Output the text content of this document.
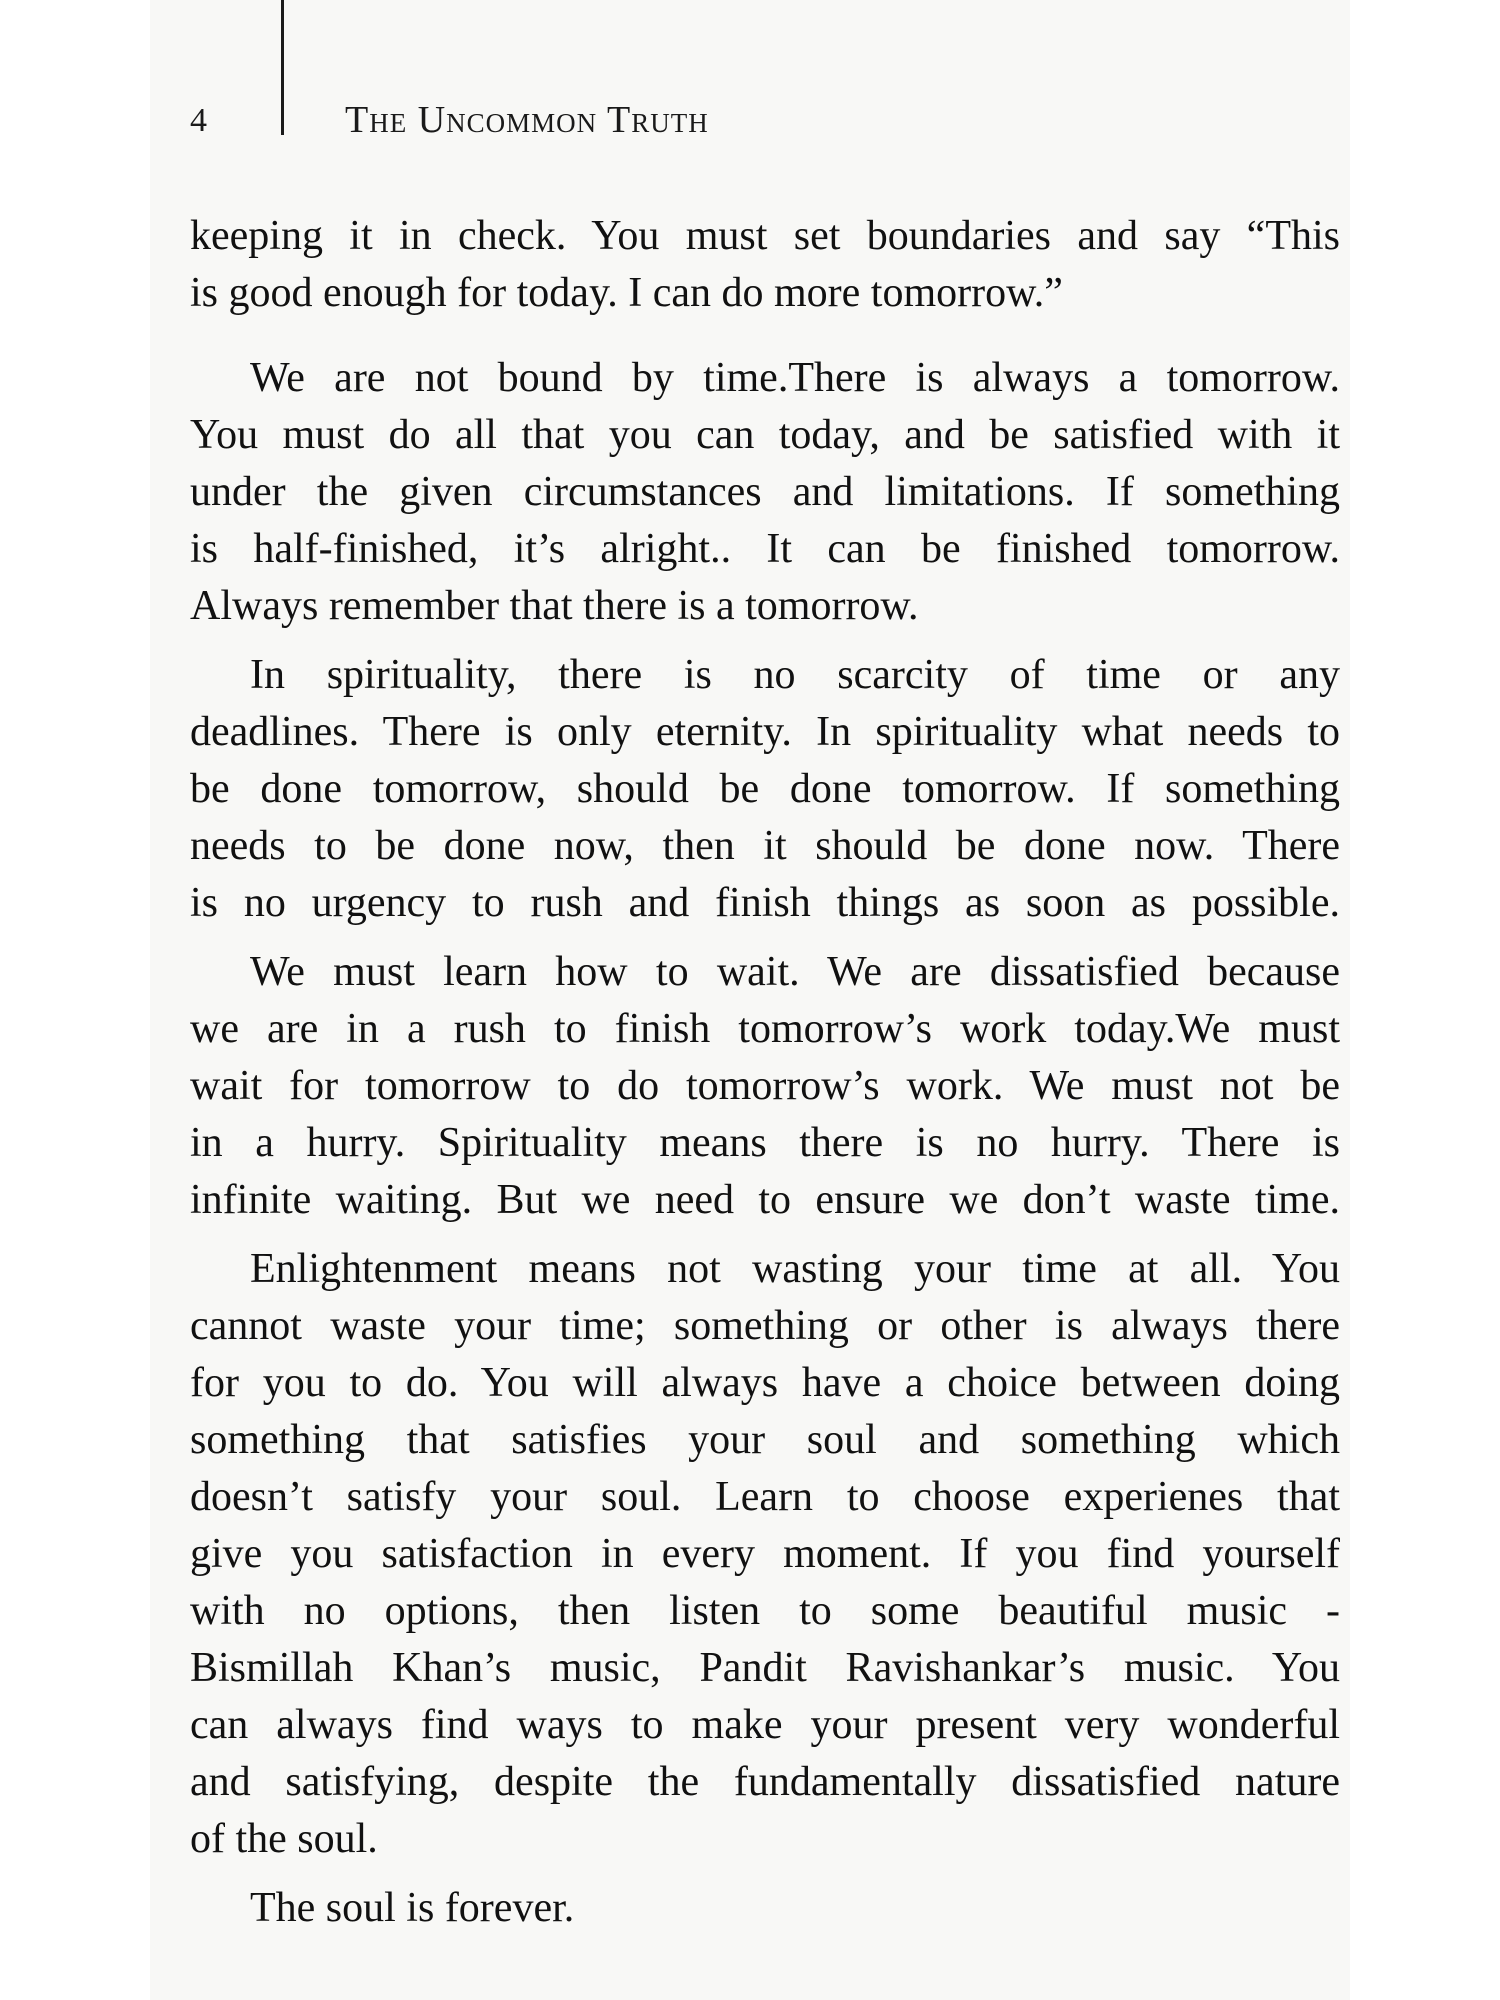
4	The Uncommon Truth
keeping it in check. You must set boundaries and say “This
is good enough for today. I can do more tomorrow.”
We are not bound by time.There is always a tomorrow.
You must do all that you can today, and be satisfied with it
under the given circumstances and limitations. If something
is half-finished, it’s alright.. It can be finished tomorrow.
Always remember that there is a tomorrow.
In spirituality, there is no scarcity of time or any
deadlines. There is only eternity. In spirituality what needs to
be done tomorrow, should be done tomorrow. If something
needs to be done now, then it should be done now. There
is no urgency to rush and finish things as soon as possible.
We must learn how to wait. We are dissatisfied because
we are in a rush to finish tomorrow’s work today.We must
wait for tomorrow to do tomorrow’s work. We must not be
in a hurry. Spirituality means there is no hurry. There is
infinite waiting. But we need to ensure we don’t waste time.
Enlightenment means not wasting your time at all. You
cannot waste your time; something or other is always there
for you to do. You will always have a choice between doing
something that satisfies your soul and something which
doesn’t satisfy your soul. Learn to choose experienes that
give you satisfaction in every moment. If you find yourself
with no options, then listen to some beautiful music -
Bismillah Khan’s music, Pandit Ravishankar’s music. You
can always find ways to make your present very wonderful
and satisfying, despite the fundamentally dissatisfied nature
of the soul.
The soul is forever.
